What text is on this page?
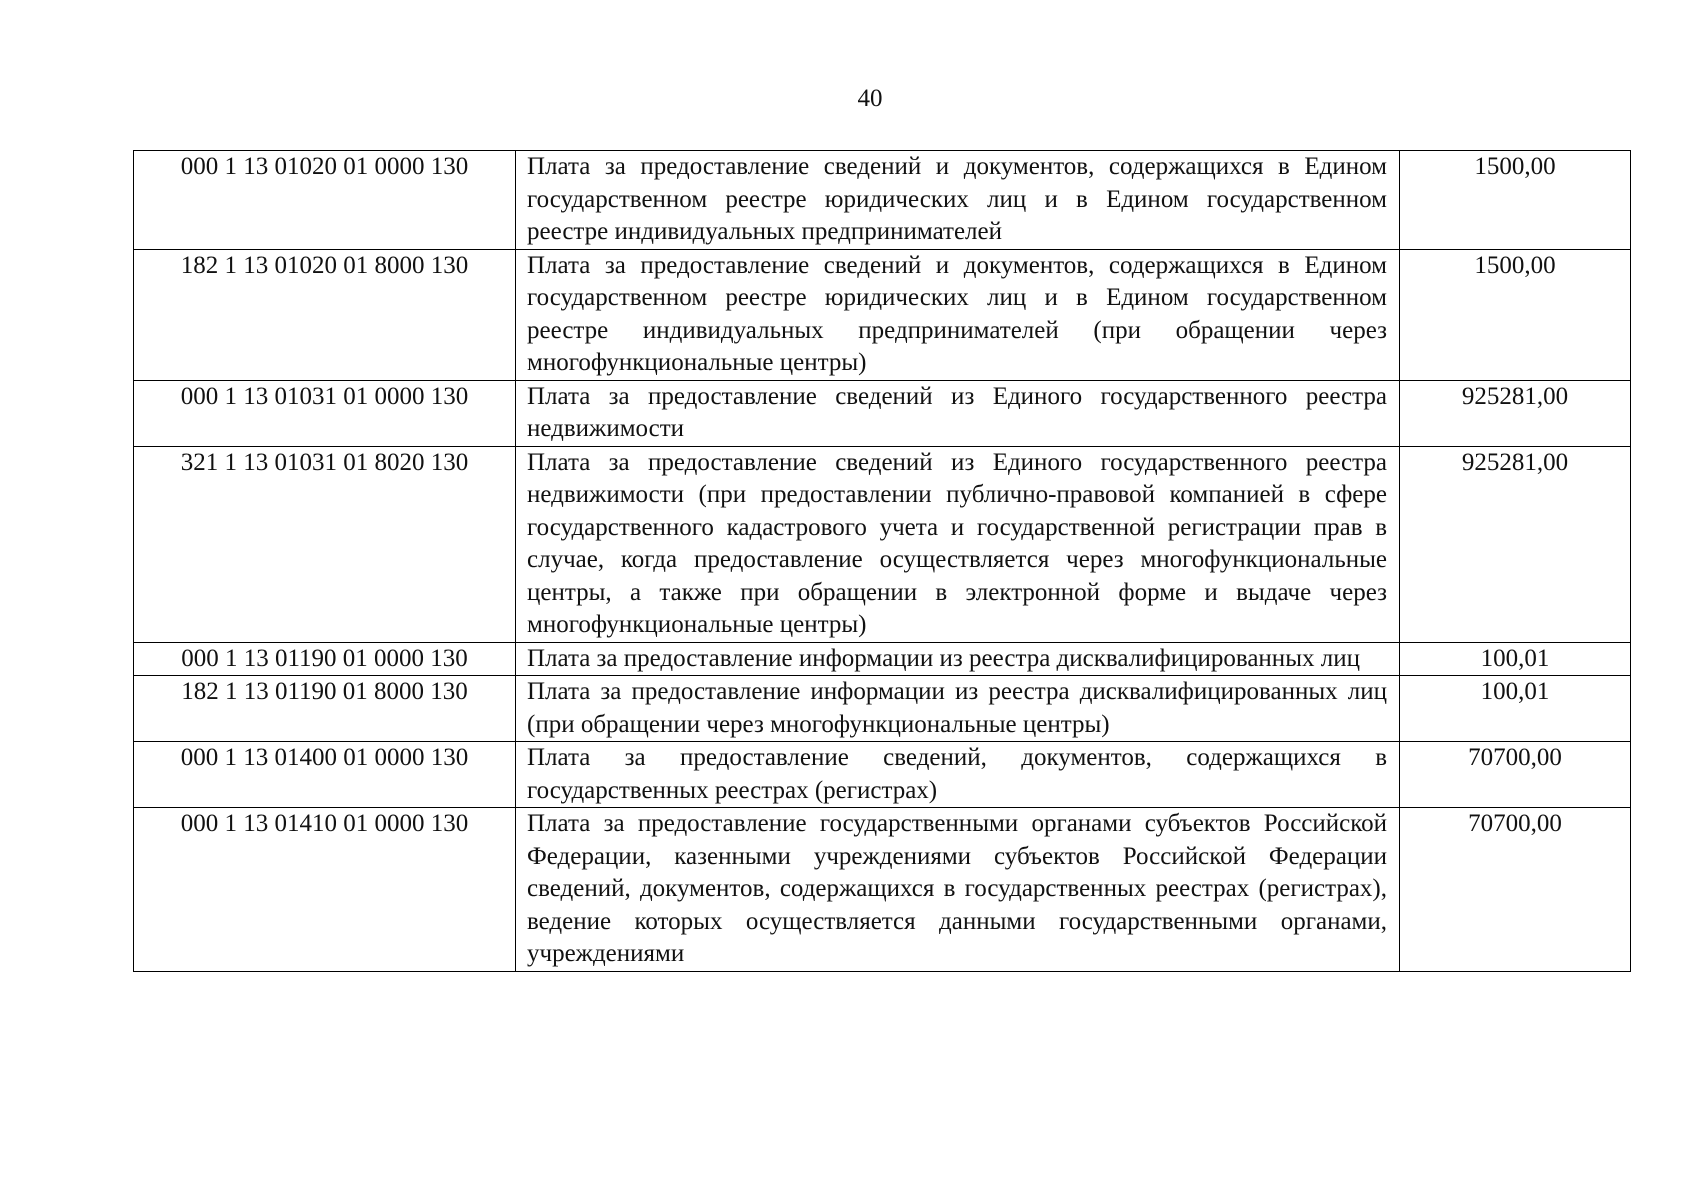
40
000 1 13 01020 01 0000 130	Плата за предоставление сведений и документов, содержащихся в Едином государственном реестре юридических лиц и в Едином государственном реестре индивидуальных предпринимателей	1500,00
182 1 13 01020 01 8000 130	Плата за предоставление сведений и документов, содержащихся в Едином государственном реестре юридических лиц и в Едином государственном реестре индивидуальных предпринимателей (при обращении через многофункциональные центры)	1500,00
000 1 13 01031 01 0000 130	Плата за предоставление сведений из Единого государственного реестра недвижимости	925281,00
321 1 13 01031 01 8020 130	Плата за предоставление сведений из Единого государственного реестра недвижимости (при предоставлении публично-правовой компанией в сфере государственного кадастрового учета и государственной регистрации прав в случае, когда предоставление осуществляется через многофункциональные центры, а также при обращении в электронной форме и выдаче через многофункциональные центры)	925281,00
000 1 13 01190 01 0000 130	Плата за предоставление информации из реестра дисквалифицированных лиц	100,01
182 1 13 01190 01 8000 130	Плата за предоставление информации из реестра дисквалифицированных лиц (при обращении через многофункциональные центры)	100,01
000 1 13 01400 01 0000 130	Плата за предоставление сведений, документов, содержащихся в государственных реестрах (регистрах)	70700,00
000 1 13 01410 01 0000 130	Плата за предоставление государственными органами субъектов Российской Федерации, казенными учреждениями субъектов Российской Федерации сведений, документов, содержащихся в государственных реестрах (регистрах), ведение которых осуществляется данными государственными органами, учреждениями	70700,00
